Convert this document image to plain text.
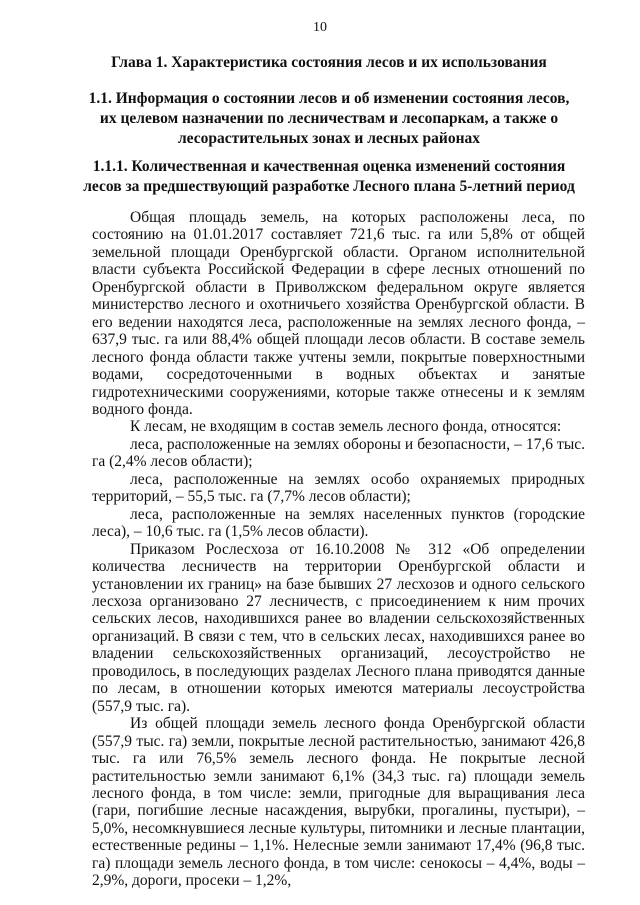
10
Глава 1. Характеристика состояния лесов и их использования
1.1. Информация о состоянии лесов и об изменении состояния лесов, их целевом назначении по лесничествам и лесопаркам, а также о лесорастительных зонах и лесных районах
1.1.1. Количественная и качественная оценка изменений состояния лесов за предшествующий разработке Лесного плана 5-летний период

Общая площадь земель, на которых расположены леса, по состоянию на 01.01.2017 составляет 721,6 тыс. га или 5,8% от общей земельной площади Оренбургской области. Органом исполнительной власти субъекта Российской Федерации в сфере лесных отношений по Оренбургской области в Приволжском федеральном округе является министерство лесного и охотничьего хозяйства Оренбургской области. В его ведении находятся леса, расположенные на землях лесного фонда, – 637,9 тыс. га или 88,4% общей площади лесов области. В составе земель лесного фонда области также учтены земли, покрытые поверхностными водами, сосредоточенными в водных объектах и занятые гидротехническими сооружениями, которые также отнесены и к землям водного фонда.

К лесам, не входящим в состав земель лесного фонда, относятся:

леса, расположенные на землях обороны и безопасности, – 17,6 тыс. га (2,4% лесов области);

леса, расположенные на землях особо охраняемых природных территорий, – 55,5 тыс. га (7,7% лесов области);

леса, расположенные на землях населенных пунктов (городские леса), – 10,6 тыс. га (1,5% лесов области).

Приказом Рослесхоза от 16.10.2008 № 312 «Об определении количества лесничеств на территории Оренбургской области и установлении их границ» на базе бывших 27 лесхозов и одного сельского лесхоза организовано 27 лесничеств, с присоединением к ним прочих сельских лесов, находившихся ранее во владении сельскохозяйственных организаций. В связи с тем, что в сельских лесах, находившихся ранее во владении сельскохозяйственных организаций, лесоустройство не проводилось, в последующих разделах Лесного плана приводятся данные по лесам, в отношении которых имеются материалы лесоустройства (557,9 тыс. га).

Из общей площади земель лесного фонда Оренбургской области (557,9 тыс. га) земли, покрытые лесной растительностью, занимают 426,8 тыс. га или 76,5% земель лесного фонда. Не покрытые лесной растительностью земли занимают 6,1% (34,3 тыс. га) площади земель лесного фонда, в том числе: земли, пригодные для выращивания леса (гари, погибшие лесные насаждения, вырубки, прогалины, пустыри), – 5,0%, несомкнувшиеся лесные культуры, питомники и лесные плантации, естественные редины – 1,1%. Нелесные земли занимают 17,4% (96,8 тыс. га) площади земель лесного фонда, в том числе: сенокосы – 4,4%, воды – 2,9%, дороги, просеки – 1,2%,
